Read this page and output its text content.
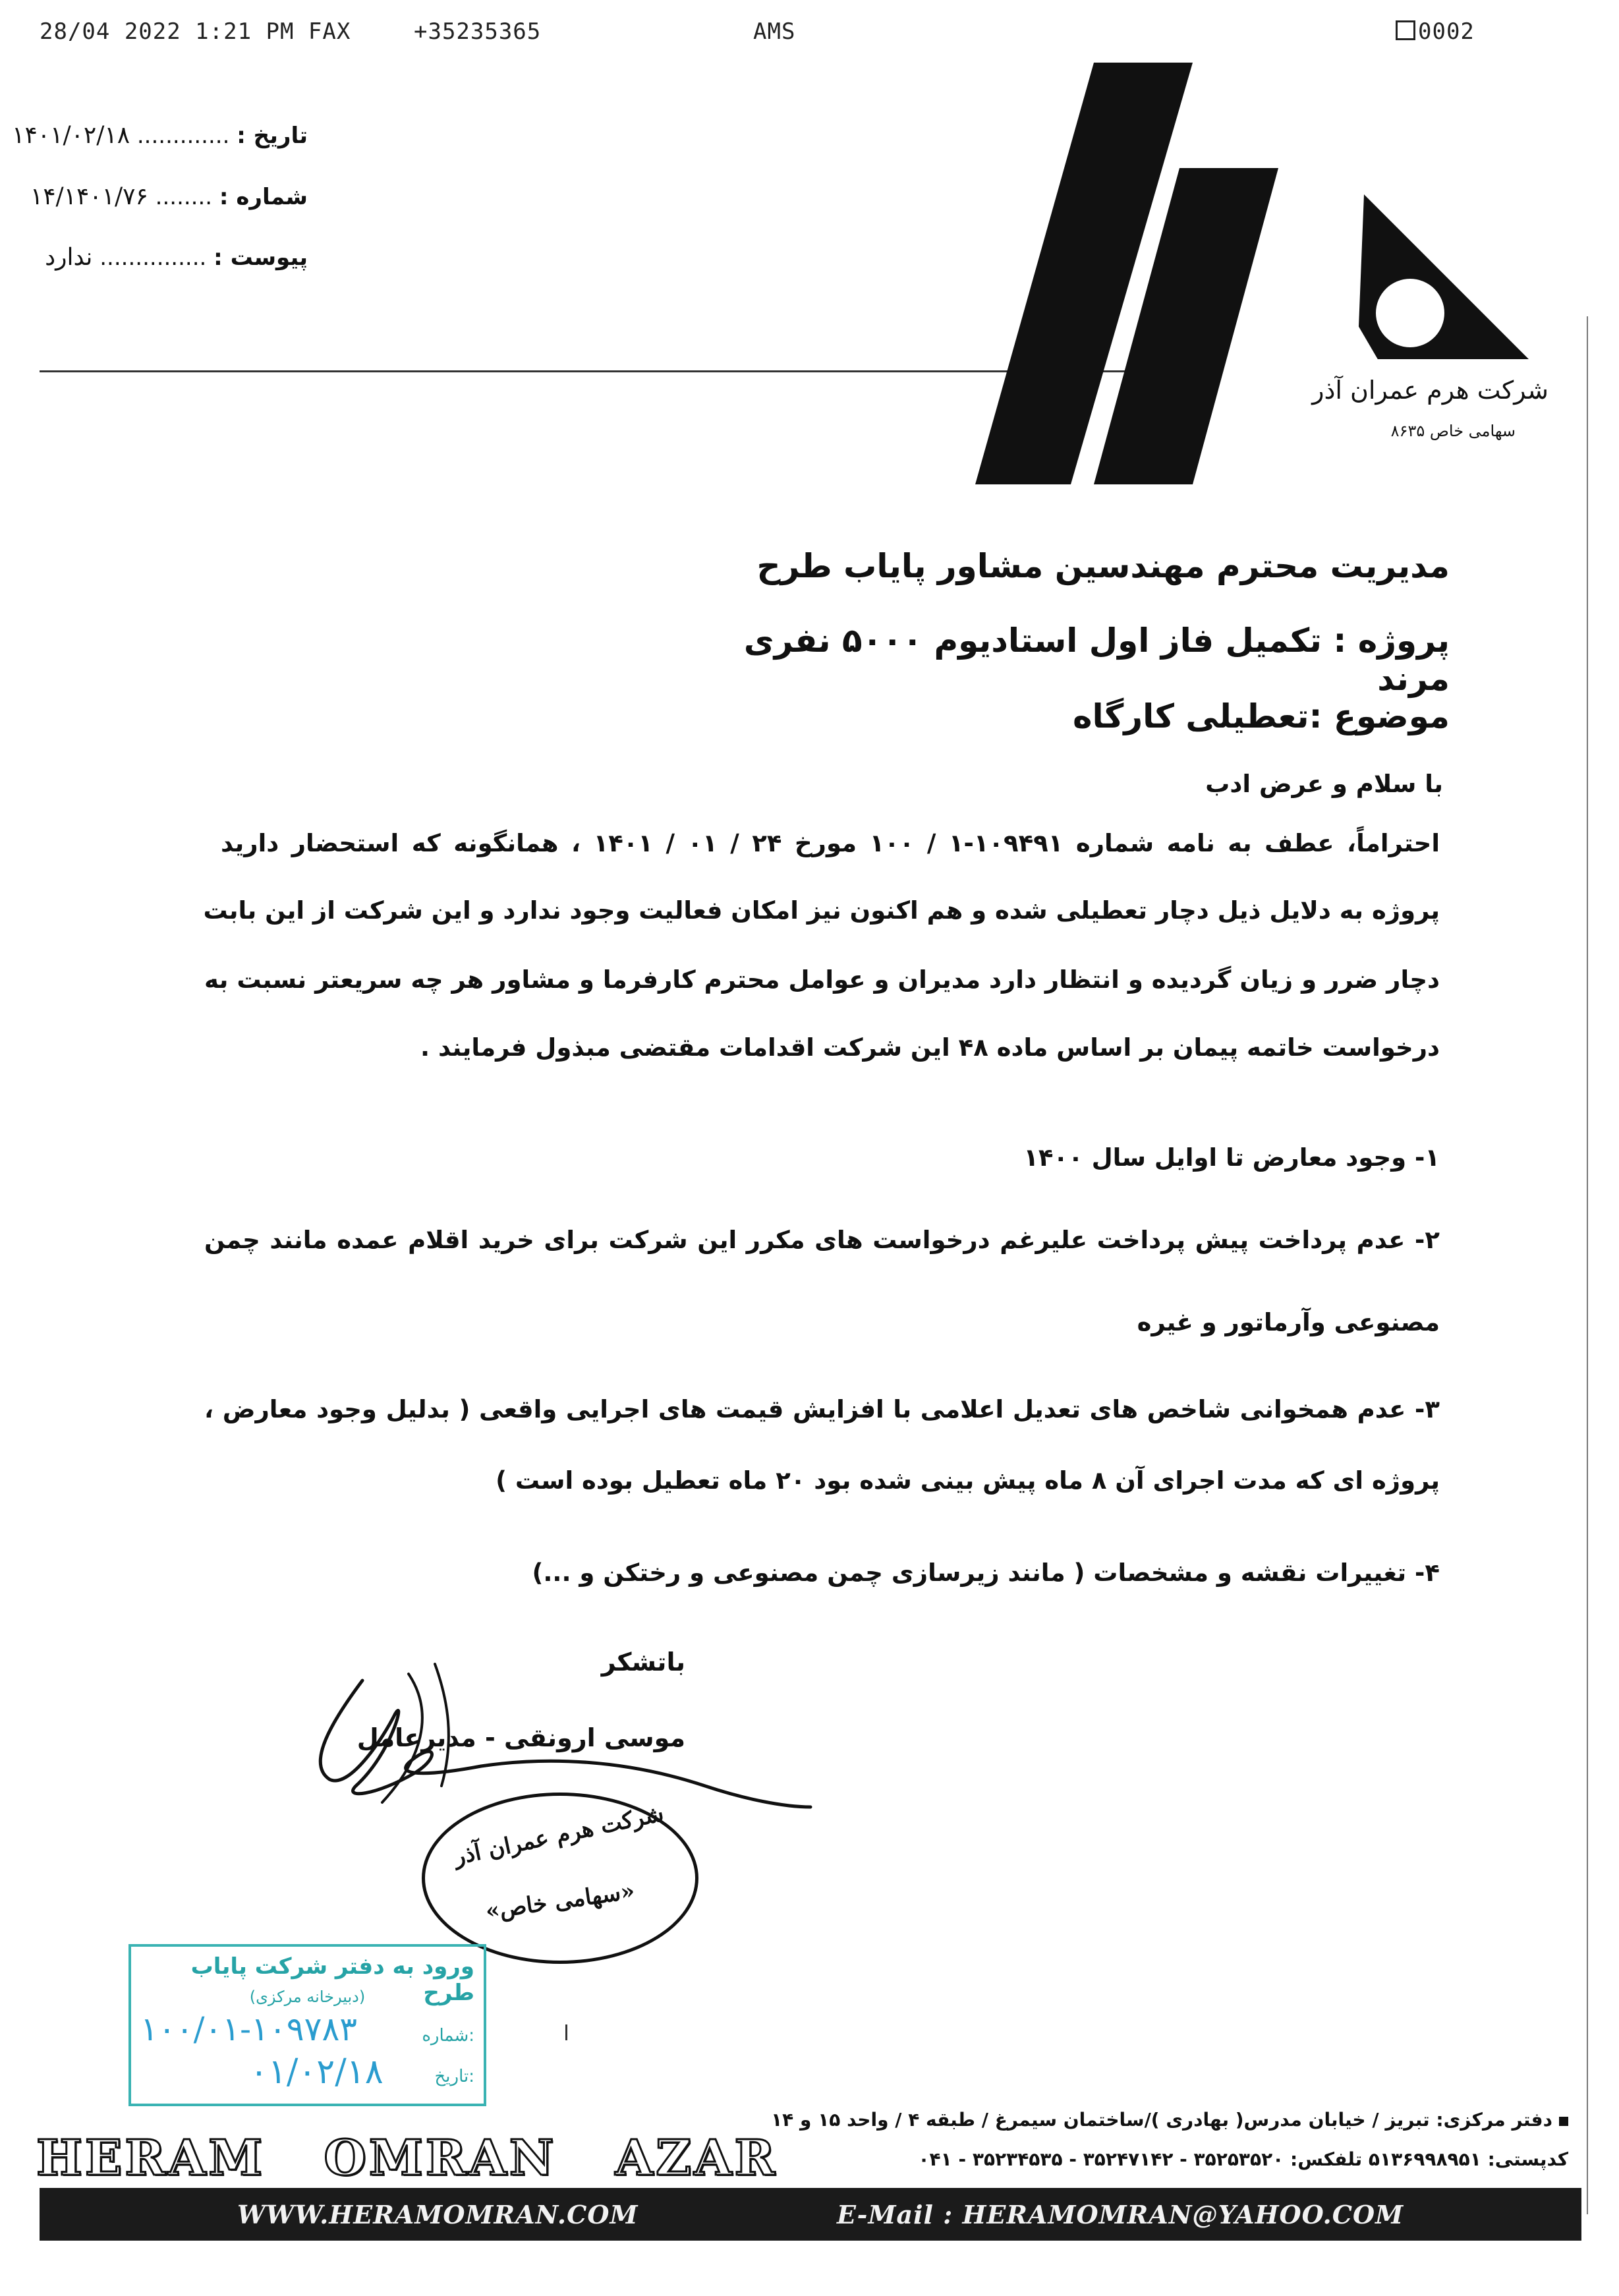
28/04 2022 1:21 PM FAX	+35235365	AMS	0002
تاریخ : ............. ۱۴۰۱/۰۲/۱۸
شماره : ........ ۱۴/۱۴۰۱/۷۶
پیوست : ............... ندارد
شرکت هرم عمران آذر
سهامی خاص ۸۶۳۵
مدیریت محترم مهندسین مشاور پایاب طرح
پروژه : تکمیل فاز اول استادیوم ۵۰۰۰ نفری مرند
موضوع :تعطیلی کارگاه
با سلام و عرض ادب
احتراماً، عطف به نامه شماره ۱۰۹۴۹۱-۱ / ۱۰۰ مورخ ۲۴ / ۰۱ / ۱۴۰۱ ، همانگونه که استحضار دارید
پروژه به دلایل ذیل دچار تعطیلی شده و هم اکنون نیز امکان فعالیت وجود ندارد و این شرکت از این بابت
دچار ضرر و زیان گردیده و انتظار دارد مدیران و عوامل محترم کارفرما و مشاور هر چه سریعتر نسبت به
درخواست خاتمه پیمان بر اساس ماده ۴۸ این شرکت اقدامات مقتضی مبذول فرمایند .
۱- وجود معارض تا اوایل سال ۱۴۰۰
۲- عدم پرداخت پیش پرداخت علیرغم درخواست های مکرر این شرکت برای خرید اقلام عمده مانند چمن
مصنوعی وآرماتور و غیره
۳- عدم همخوانی شاخص های تعدیل اعلامی با افزایش قیمت های اجرایی واقعی ( بدلیل وجود معارض ،
پروژه ای که مدت اجرای آن ۸ ماه پیش بینی شده بود ۲۰ ماه تعطیل بوده است )
۴- تغییرات نقشه و مشخصات ( مانند زیرسازی چمن مصنوعی و رختکن و ...)
باتشکر
موسی ارونقی - مدیرعامل
شرکت هرم عمران آذر
«سهامی خاص»
ورود به دفتر شرکت پایاب طرح
(دبیرخانه مرکزی)
شماره:
۱۰۰/۰۱-۱۰۹۷۸۳
تاریخ:
۰۱/۰۲/۱۸
HERAM   OMRAN   AZAR
دفتر مرکزی: تبریز / خیابان مدرس( بهادری )/ساختمان سیمرغ / طبقه ۴ / واحد ۱۵ و ۱۴
کدپستی: ۵۱۳۶۹۹۸۹۵۱ تلفکس: ۳۵۲۵۳۵۲۰ - ۳۵۲۴۷۱۴۲ - ۳۵۲۳۴۵۳۵ - ۰۴۱
WWW.HERAMOMRAN.COM	E-Mail : HERAMOMRAN@YAHOO.COM
